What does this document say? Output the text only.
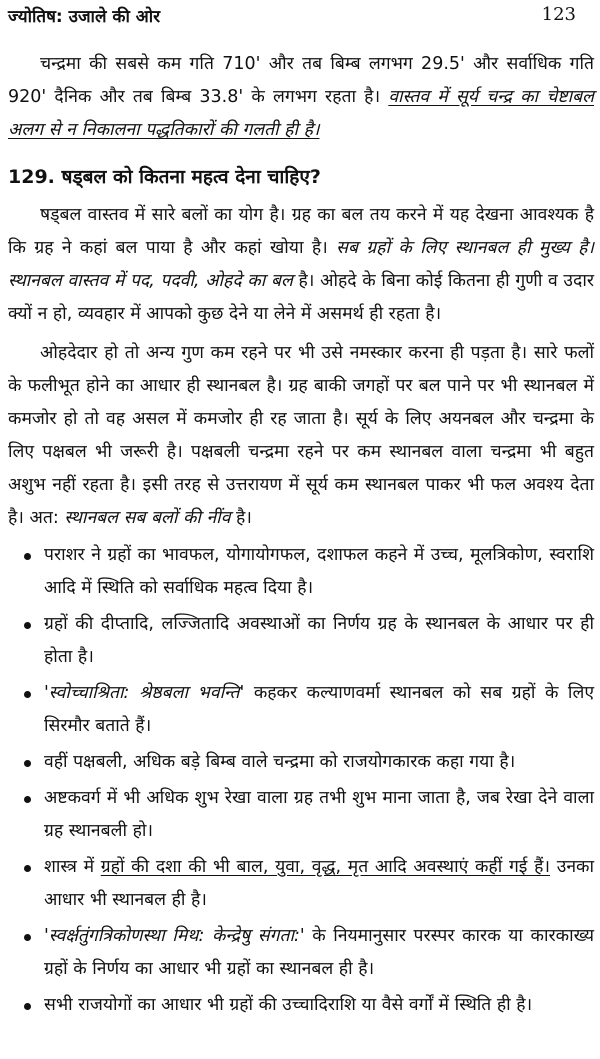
ज्योतिष: उजाले की ओर	123

चन्द्रमा की सबसे कम गति 710' और तब बिम्ब लगभग 29.5' और सर्वाधिक गति 920' दैनिक और तब बिम्ब 33.8' के लगभग रहता है। वास्तव में सूर्य चन्द्र का चेष्टाबल अलग से न निकालना पद्धतिकारों की गलती ही है।

129. षड्बल को कितना महत्व देना चाहिए?

षड्बल वास्तव में सारे बलों का योग है। ग्रह का बल तय करने में यह देखना आवश्यक है कि ग्रह ने कहां बल पाया है और कहां खोया है। सब ग्रहों के लिए स्थानबल ही मुख्य है। स्थानबल वास्तव में पद, पदवी, ओहदे का बल है। ओहदे के बिना कोई कितना ही गुणी व उदार क्यों न हो, व्यवहार में आपको कुछ देने या लेने में असमर्थ ही रहता है।

ओहदेदार हो तो अन्य गुण कम रहने पर भी उसे नमस्कार करना ही पड़ता है। सारे फलों के फलीभूत होने का आधार ही स्थानबल है। ग्रह बाकी जगहों पर बल पाने पर भी स्थानबल में कमजोर हो तो वह असल में कमजोर ही रह जाता है। सूर्य के लिए अयनबल और चन्द्रमा के लिए पक्षबल भी जरूरी है। पक्षबली चन्द्रमा रहने पर कम स्थानबल वाला चन्द्रमा भी बहुत अशुभ नहीं रहता है। इसी तरह से उत्तरायण में सूर्य कम स्थानबल पाकर भी फल अवश्य देता है। अत: स्थानबल सब बलों की नींव है।

पराशर ने ग्रहों का भावफल, योगायोगफल, दशाफल कहने में उच्च, मूलत्रिकोण, स्वराशि आदि में स्थिति को सर्वाधिक महत्व दिया है।
ग्रहों की दीप्तादि, लज्जितादि अवस्थाओं का निर्णय ग्रह के स्थानबल के आधार पर ही होता है।
'स्वोच्चाश्रिता: श्रेष्ठबला भवन्ति' कहकर कल्याणवर्मा स्थानबल को सब ग्रहों के लिए सिरमौर बताते हैं।
वहीं पक्षबली, अधिक बड़े बिम्ब वाले चन्द्रमा को राजयोगकारक कहा गया है।
अष्टकवर्ग में भी अधिक शुभ रेखा वाला ग्रह तभी शुभ माना जाता है, जब रेखा देने वाला ग्रह स्थानबली हो।
शास्त्र में ग्रहों की दशा की भी बाल, युवा, वृद्ध, मृत आदि अवस्थाएं कहीं गई हैं। उनका आधार भी स्थानबल ही है।
'स्वर्क्षतुंगत्रिकोणस्था मिथ: केन्द्रेषु संगता:' के नियमानुसार परस्पर कारक या कारकाख्य ग्रहों के निर्णय का आधार भी ग्रहों का स्थानबल ही है।
सभी राजयोगों का आधार भी ग्रहों की उच्चादिराशि या वैसे वर्गों में स्थिति ही है।
